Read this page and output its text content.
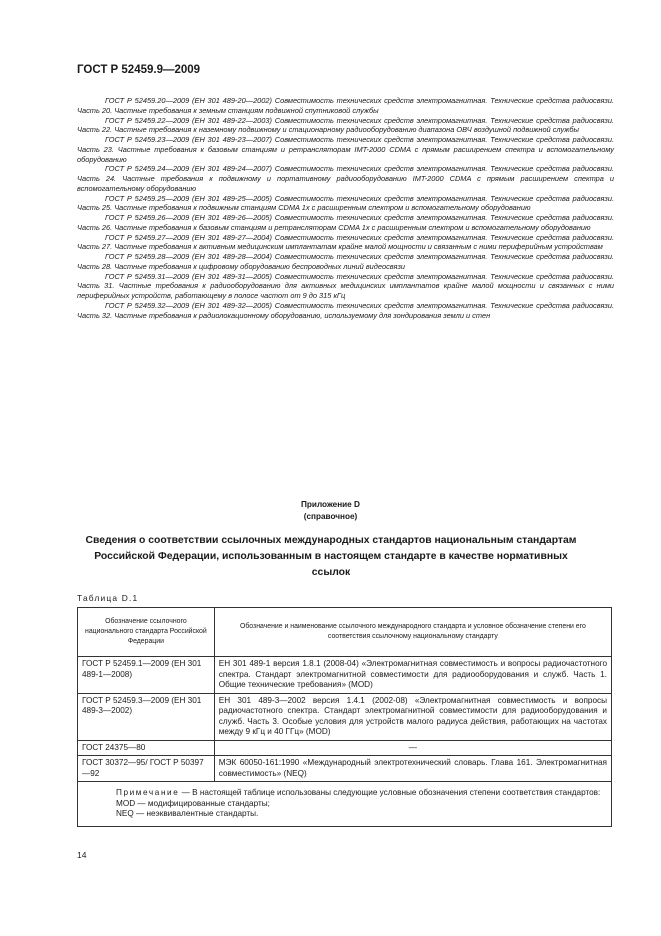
ГОСТ Р 52459.9—2009

ГОСТ Р 52459.20—2009 (ЕН 301 489-20—2002) Совместимость технических средств электромагнитная. Технические средства радиосвязи. Часть 20. Частные требования к земным станциям подвижной спутниковой службы

ГОСТ Р 52459.22—2009 (ЕН 301 489-22—2003) Совместимость технических средств электромагнитная. Технические средства радиосвязи. Часть 22. Частные требования к наземному подвижному и стационарному радиооборудованию диапазона ОВЧ воздушной подвижной службы

ГОСТ Р 52459.23—2009 (ЕН 301 489-23—2007) Совместимость технических средств электромагнитная. Технические средства радиосвязи. Часть 23. Частные требования к базовым станциям и ретрансляторам IMT-2000 CDMA с прямым расширением спектра и вспомогательному оборудованию

ГОСТ Р 52459.24—2009 (ЕН 301 489-24—2007) Совместимость технических средств электромагнитная. Технические средства радиосвязи. Часть 24. Частные требования к подвижному и портативному радиооборудованию IMT-2000 CDMA с прямым расширением спектра и вспомогательному оборудованию

ГОСТ Р 52459.25—2009 (ЕН 301 489-25—2005) Совместимость технических средств электромагнитная. Технические средства радиосвязи. Часть 25. Частные требования к подвижным станциям CDMA 1x с расширенным спектром и вспомогательному оборудованию

ГОСТ Р 52459.26—2009 (ЕН 301 489-26—2005) Совместимость технических средств электромагнитная. Технические средства радиосвязи. Часть 26. Частные требования к базовым станциям и ретрансляторам CDMA 1x с расширенным спектром и вспомогательному оборудованию

ГОСТ Р 52459.27—2009 (ЕН 301 489-27—2004) Совместимость технических средств электромагнитная. Технические средства радиосвязи. Часть 27. Частные требования к активным медицинским имплантатам крайне малой мощности и связанным с ними периферийным устройствам

ГОСТ Р 52459.28—2009 (ЕН 301 489-28—2004) Совместимость технических средств электромагнитная. Технические средства радиосвязи. Часть 28. Частные требования к цифровому оборудованию беспроводных линий видеосвязи

ГОСТ Р 52459.31—2009 (ЕН 301 489-31—2005) Совместимость технических средств электромагнитная. Технические средства радиосвязи. Часть 31. Частные требования к радиооборудованию для активных медицинских имплантатов крайне малой мощности и связанных с ними периферийных устройств, работающему в полосе частот от 9 до 315 кГц

ГОСТ Р 52459.32—2009 (ЕН 301 489-32—2005) Совместимость технических средств электромагнитная. Технические средства радиосвязи. Часть 32. Частные требования к радиолокационному оборудованию, используемому для зондирования земли и стен

Приложение D
(справочное)
Сведения о соответствии ссылочных международных стандартов национальным стандартам Российской Федерации, использованным в настоящем стандарте в качестве нормативных ссылок
Таблица D.1
Обозначение ссылочного национального стандарта Российской Федерации	Обозначение и наименование ссылочного международного стандарта и условное обозначение степени его соответствия ссылочному национальному стандарту
ГОСТ Р 52459.1—2009 (ЕН 301 489-1—2008)	ЕН 301 489-1 версия 1.8.1 (2008-04) «Электромагнитная совместимость и вопросы радиочастотного спектра. Стандарт электромагнитной совместимости для радиооборудования и служб. Часть 1. Общие технические требования» (MOD)
ГОСТ Р 52459.3—2009 (ЕН 301 489-3—2002)	ЕН 301 489-3—2002 версия 1.4.1 (2002-08) «Электромагнитная совместимость и вопросы радиочастотного спектра. Стандарт электромагнитной совместимости для радиооборудования и служб. Часть 3. Особые условия для устройств малого радиуса действия, работающих на частотах между 9 кГц и 40 ГГц» (MOD)
ГОСТ 24375—80	—
ГОСТ 30372—95/ ГОСТ Р 50397—92	МЭК 60050-161:1990 «Международный электротехнический словарь. Глава 161. Электромагнитная совместимость» (NEQ)

Примечание — В настоящей таблице использованы следующие условные обозначения степени соответствия стандартов:
MOD — модифицированные стандарты;
NEQ — неэквивалентные стандарты.	
14
